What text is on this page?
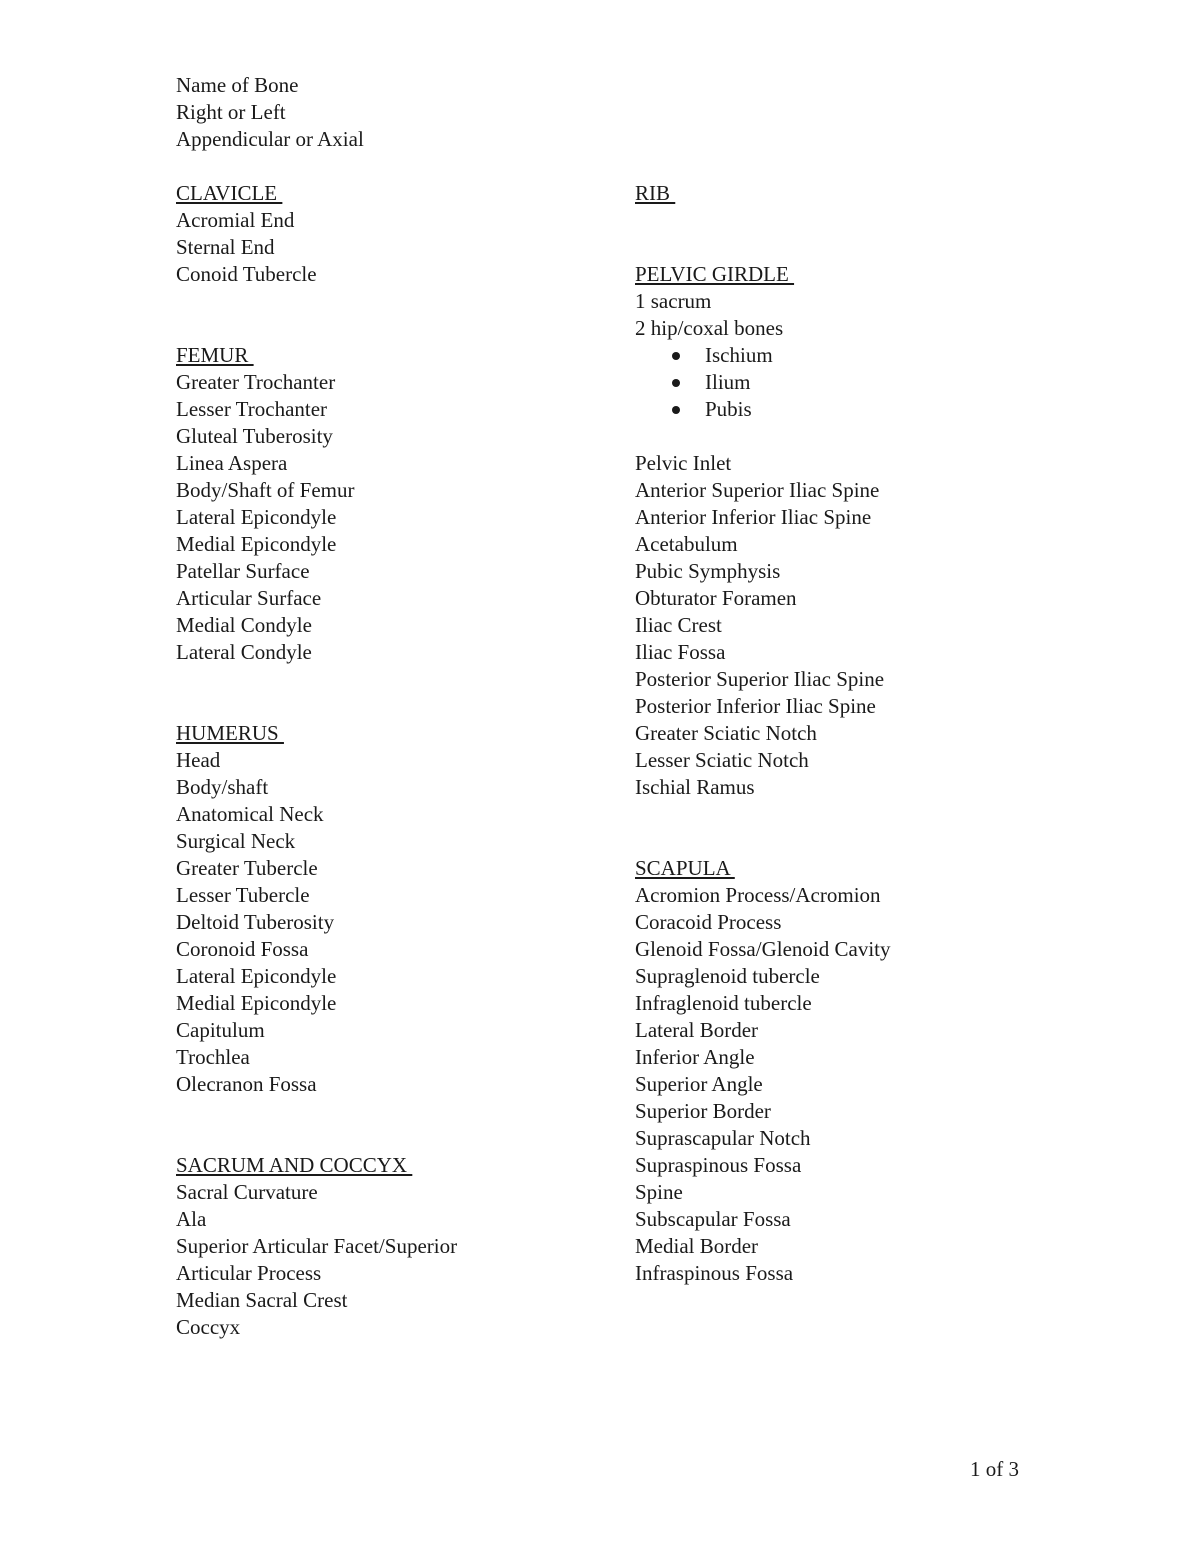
Name of Bone
Right or Left
Appendicular or Axial
CLAVICLE
Acromial End
Sternal End
Conoid Tubercle
FEMUR
Greater Trochanter
Lesser Trochanter
Gluteal Tuberosity
Linea Aspera
Body/Shaft of Femur
Lateral Epicondyle
Medial Epicondyle
Patellar Surface
Articular Surface
Medial Condyle
Lateral Condyle
HUMERUS
Head
Body/shaft
Anatomical Neck
Surgical Neck
Greater Tubercle
Lesser Tubercle
Deltoid Tuberosity
Coronoid Fossa
Lateral Epicondyle
Medial Epicondyle
Capitulum
Trochlea
Olecranon Fossa
SACRUM AND COCCYX
Sacral Curvature
Ala
Superior Articular Facet/Superior
Articular Process
Median Sacral Crest
Coccyx
RIB
PELVIC GIRDLE
1 sacrum
2 hip/coxal bones
Ischium
Ilium
Pubis
Pelvic Inlet
Anterior Superior Iliac Spine
Anterior Inferior Iliac Spine
Acetabulum
Pubic Symphysis
Obturator Foramen
Iliac Crest
Iliac Fossa
Posterior Superior Iliac Spine
Posterior Inferior Iliac Spine
Greater Sciatic Notch
Lesser Sciatic Notch
Ischial Ramus
SCAPULA
Acromion Process/Acromion
Coracoid Process
Glenoid Fossa/Glenoid Cavity
Supraglenoid tubercle
Infraglenoid tubercle
Lateral Border
Inferior Angle
Superior Angle
Superior Border
Suprascapular Notch
Supraspinous Fossa
Spine
Subscapular Fossa
Medial Border
Infraspinous Fossa
1 of 3
